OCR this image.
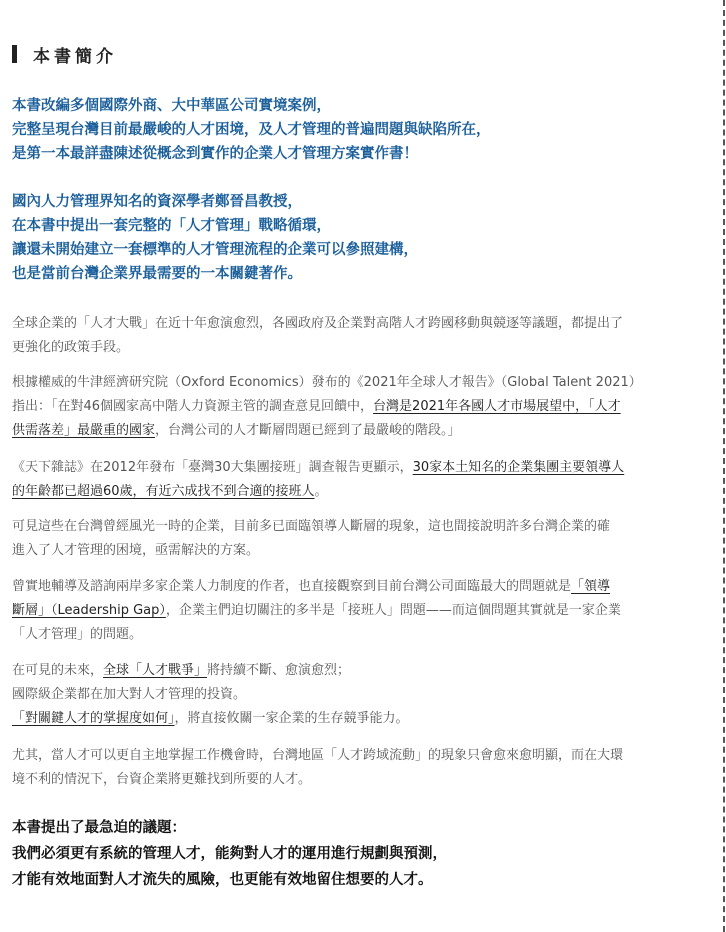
本書簡介
本書改編多個國際外商、大中華區公司實境案例，
完整呈現台灣目前最嚴峻的人才困境，及人才管理的普遍問題與缺陷所在，
是第一本最詳盡陳述從概念到實作的企業人才管理方案實作書！
國內人力管理界知名的資深學者鄭晉昌教授，
在本書中提出一套完整的「人才管理」戰略循環，
讓還未開始建立一套標準的人才管理流程的企業可以參照建構，
也是當前台灣企業界最需要的一本關鍵著作。
全球企業的「人才大戰」在近十年愈演愈烈，各國政府及企業對高階人才跨國移動與競逐等議題，都提出了
更強化的政策手段。
根據權威的牛津經濟研究院（Oxford Economics）發布的《2021年全球人才報告》（Global Talent 2021）
指出：「在對46個國家高中階人力資源主管的調查意見回饋中，台灣是2021年各國人才市場展望中，「人才
供需落差」最嚴重的國家，台灣公司的人才斷層問題已經到了最嚴峻的階段。」
《天下雜誌》在2012年發布「臺灣30大集團接班」調查報告更顯示，30家本土知名的企業集團主要領導人
的年齡都已超過60歲，有近六成找不到合適的接班人。
可見這些在台灣曾經風光一時的企業，目前多已面臨領導人斷層的現象，這也間接說明許多台灣企業的確
進入了人才管理的困境，亟需解決的方案。
曾實地輔導及諮詢兩岸多家企業人力制度的作者，也直接觀察到目前台灣公司面臨最大的問題就是「領導
斷層」（Leadership Gap），企業主們迫切關注的多半是「接班人」問題——而這個問題其實就是一家企業
「人才管理」的問題。
在可見的未來，全球「人才戰爭」將持續不斷、愈演愈烈；
國際級企業都在加大對人才管理的投資。
「對關鍵人才的掌握度如何」，將直接攸關一家企業的生存競爭能力。
尤其，當人才可以更自主地掌握工作機會時，台灣地區「人才跨域流動」的現象只會愈來愈明顯，而在大環
境不利的情況下，台資企業將更難找到所要的人才。
本書提出了最急迫的議題：
我們必須更有系統的管理人才，能夠對人才的運用進行規劃與預測，
才能有效地面對人才流失的風險，也更能有效地留住想要的人才。
